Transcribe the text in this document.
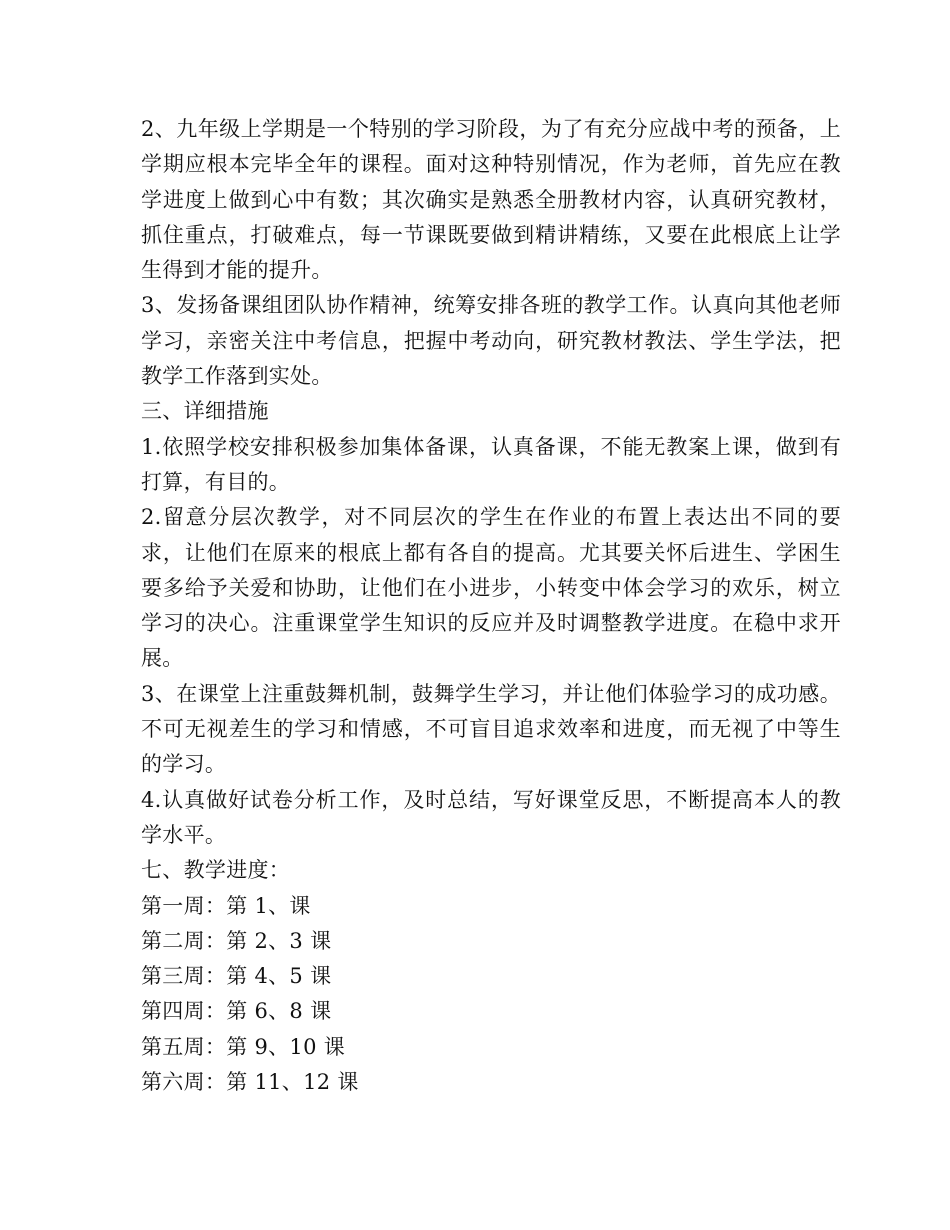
2、九年级上学期是一个特别的学习阶段，为了有充分应战中考的预备，上学期应根本完毕全年的课程。面对这种特别情况，作为老师，首先应在教学进度上做到心中有数；其次确实是熟悉全册教材内容，认真研究教材，抓住重点，打破难点，每一节课既要做到精讲精练，又要在此根底上让学生得到才能的提升。

3、发扬备课组团队协作精神，统筹安排各班的教学工作。认真向其他老师学习，亲密关注中考信息，把握中考动向，研究教材教法、学生学法，把教学工作落到实处。

三、详细措施

1.依照学校安排积极参加集体备课，认真备课，不能无教案上课，做到有打算，有目的。

2.留意分层次教学，对不同层次的学生在作业的布置上表达出不同的要求，让他们在原来的根底上都有各自的提高。尤其要关怀后进生、学困生要多给予关爱和协助，让他们在小进步，小转变中体会学习的欢乐，树立学习的决心。注重课堂学生知识的反应并及时调整教学进度。在稳中求开展。

3、在课堂上注重鼓舞机制，鼓舞学生学习，并让他们体验学习的成功感。不可无视差生的学习和情感，不可盲目追求效率和进度，而无视了中等生的学习。

4.认真做好试卷分析工作，及时总结，写好课堂反思，不断提高本人的教学水平。

七、教学进度：

第一周：第 1、课

第二周：第 2、3 课

第三周：第 4、5 课

第四周：第 6、8 课

第五周：第 9、10 课

第六周：第 11、12 课
